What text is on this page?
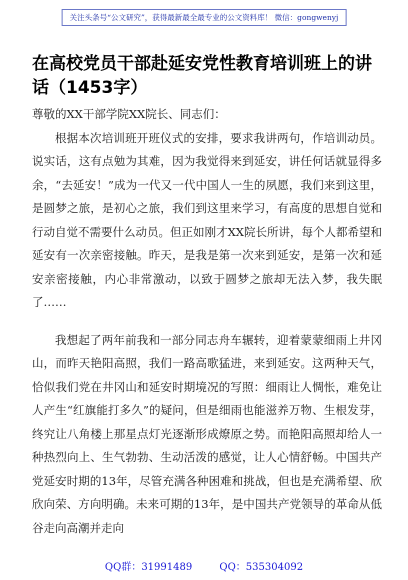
关注头条号“公文研究”，获得最新最全最专业的公文资料库！ 微信：gongwenyj
在高校党员干部赴延安党性教育培训班上的讲话（1453字）

尊敬的XX干部学院XX院长、同志们：

根据本次培训班开班仪式的安排，要求我讲两句，作培训动员。说实话，这有点勉为其难，因为我觉得来到延安，讲任何话就显得多余，“去延安！”成为一代又一代中国人一生的夙愿，我们来到这里，是圆梦之旅，是初心之旅，我们到这里来学习，有高度的思想自觉和行动自觉不需要什么动员。但正如刚才XX院长所讲，每个人都希望和延安有一次亲密接触。昨天，是我是第一次来到延安，是第一次和延安亲密接触，内心非常激动，以致于圆梦之旅却无法入梦，我失眠了……

我想起了两年前我和一部分同志舟车辗转，迎着蒙蒙细雨上井冈山，而昨天艳阳高照，我们一路高歌猛进，来到延安。这两种天气，恰似我们党在井冈山和延安时期境况的写照：细雨让人惆怅，难免让人产生“红旗能打多久”的疑问，但是细雨也能滋养万物、生根发芽，终究让八角楼上那星点灯光逐渐形成燎原之势。而艳阳高照却给人一种热烈向上、生气勃勃、生动活泼的感觉，让人心情舒畅。中国共产党延安时期的13年，尽管充满各种困难和挑战，但也是充满希望、欣欣向荣、方向明确。未来可期的13年，是中国共产党领导的革命从低谷走向高潮并走向

QQ群：31991489	QQ：535304092
